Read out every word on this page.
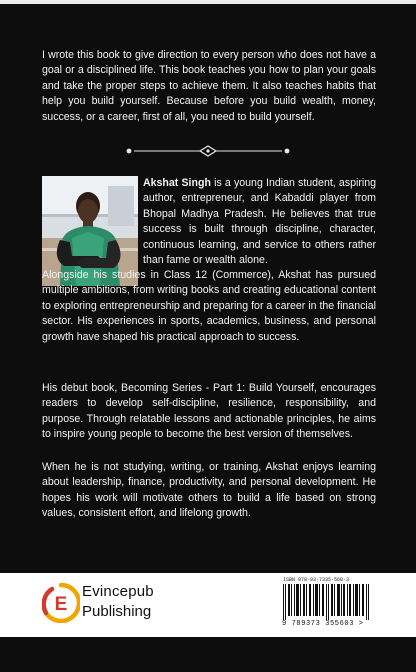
I wrote this book to give direction to every person who does not have a goal or a disciplined life. This book teaches you how to plan your goals and take the proper steps to achieve them. It also teaches habits that help you build yourself. Because before you build wealth, money, success, or a career, first of all, you need to build yourself.

Akshat Singh is a young Indian student, aspiring author, entrepreneur, and Kabaddi player from Bhopal Madhya Pradesh. He believes that true success is built through discipline, character, continuous learning, and service to others rather than fame or wealth alone.

Alongside his studies in Class 12 (Commerce), Akshat has pursued multiple ambitions, from writing books and creating educational content to exploring entrepreneurship and preparing for a career in the financial sector. His experiences in sports, academics, business, and personal growth have shaped his practical approach to success.

His debut book, Becoming Series - Part 1: Build Yourself, encourages readers to develop self-discipline, resilience, responsibility, and purpose. Through relatable lessons and actionable principles, he aims to inspire young people to become the best version of themselves.

When he is not studying, writing, or training, Akshat enjoys learning about leadership, finance, productivity, and personal development. He hopes his work will motivate others to build a life based on strong values, consistent effort, and lifelong growth.

E
Evincepub
Publishing
ISBN 978-93-7335-560-3
9 789373 355603 >
